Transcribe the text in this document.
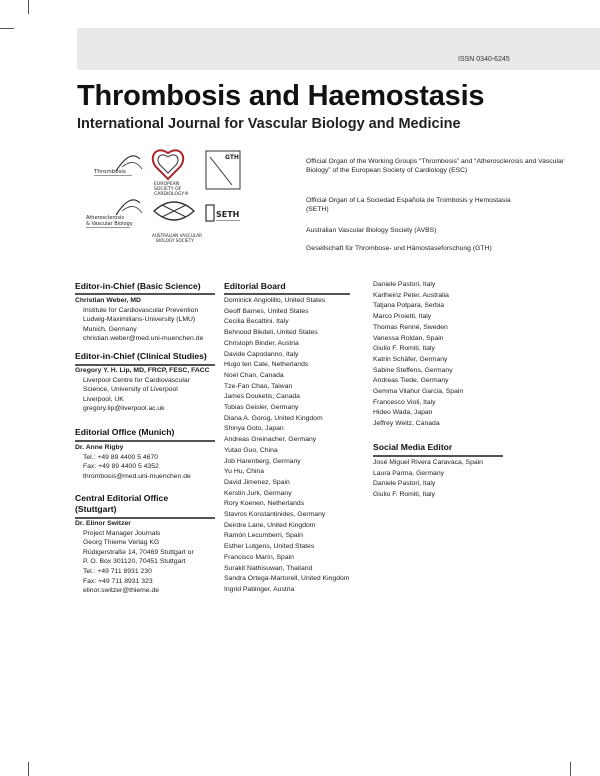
ISSN 0340-6245
Thrombosis and Haemostasis
International Journal for Vascular Biology and Medicine
Thrombosis
EUROPEAN
SOCIETY OF
CARDIOLOGY®
GTH
Atherosclerosis
& Vascular Biology
AUSTRALIAN VASCULAR
BIOLOGY SOCIETY
SETH
Official Organ of the Working Groups “Thrombosis” and “Atherosclerosis and Vascular Biology” of the European Society of Cardiology (ESC)
Official Organ of La Sociedad Española de Trombosis y Hemostasia (SETH)
Australian Vascular Biology Society (AVBS)
Gesellschaft für Thrombose- und Hämostaseforschung (GTH)
Editor-in-Chief (Basic Science)
Christian Weber, MD
Institute for Cardiovascular Prevention
Ludwig-Maximilians-University (LMU)
Munich, Germany
christian.weber@med.uni-muenchen.de
Editor-in-Chief (Clinical Studies)
Gregory Y. H. Lip, MD, FRCP, FESC, FACC
Liverpool Centre for Cardiovascular
Science, University of Liverpool
Liverpool, UK
gregory.lip@liverpool.ac.uk
Editorial Office (Munich)
Dr. Anne Rigby
Tel.: +49 89 4400 5 4670
Fax: +49 89 4400 5 4352
thrombosis@med.uni-muenchen.de
Central Editorial Office
(Stuttgart)
Dr. Elinor Switzer
Project Manager Journals
Georg Thieme Verlag KG
Rüdigerstraße 14, 70469 Stuttgart or
P. O. Box 301120, 70451 Stuttgart
Tel.: +49 711 8931 230
Fax: +49 711 8931 323
elinor.switzer@thieme.de
Editorial Board
Dominick Angiolillo, United States
Geoff Barnes, United States
Cecilia Becattini, Italy
Behnood Bikdeli, United States
Christoph Binder, Austria
Davide Capodanno, Italy
Hugo ten Cate, Netherlands
Noel Chan, Canada
Tze-Fan Chao, Taiwan
James Douketis, Canada
Tobias Geisler, Germany
Diana A. Gorog, United Kingdom
Shinya Goto, Japan
Andreas Greinacher, Germany
Yutao Guo, China
Job Harenberg, Germany
Yu Hu, China
David Jimenez, Spain
Kerstin Jurk, Germany
Rory Koenen, Netherlands
Stavros Konstantinides, Germany
Deirdre Lane, United Kingdom
Ramón Lecumberri, Spain
Esther Lutgens, United States
Francisco Marín, Spain
Surakit Nathisuwan, Thailand
Sandra Ortega-Martorell, United Kingdom
Ingrid Pabinger, Austria
Daniele Pastori, Italy
Karlheinz Peter, Australia
Tatjana Potpara, Serbia
Marco Proietti, Italy
Thomas Renné, Sweden
Vanessa Roldan, Spain
Giulio F. Romiti, Italy
Katrin Schäfer, Germany
Sabine Steffens, Germany
Andreas Tiede, Germany
Gemma Vilahur Garcia, Spain
Francesco Violi, Italy
Hideo Wada, Japan
Jeffrey Weitz, Canada
Social Media Editor
José Miguel Rivera Caravaca, Spain
Laura Parma, Germany
Daniele Pastori, Italy
Giulio F. Romiti, Italy
